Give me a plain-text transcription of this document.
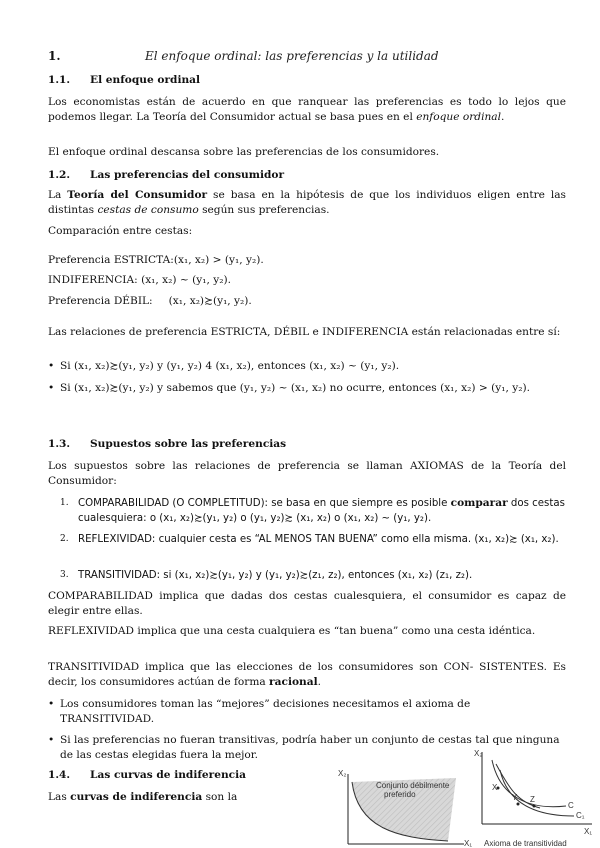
1.	El enfoque ordinal: las preferencias y la utilidad
1.1. El enfoque ordinal
Los economistas están de acuerdo en que ranquear las preferencias es todo lo lejos que podemos llegar. La Teoría del Consumidor actual se basa pues en el enfoque ordinal.
El enfoque ordinal descansa sobre las preferencias de los consumidores.
1.2. Las preferencias del consumidor
La Teoría del Consumidor se basa en la hipótesis de que los individuos eligen entre las distintas cestas de consumo según sus preferencias.
Comparación entre cestas:
Preferencia ESTRICTA:(x₁, x₂) > (y₁, y₂).
INDIFERENCIA: (x₁, x₂) ~ (y₁, y₂).
Preferencia DÉBIL: (x₁, x₂)≿(y₁, y₂).
Las relaciones de preferencia ESTRICTA, DÉBIL e INDIFERENCIA están relacionadas entre sí:
• Si (x₁, x₂)≿(y₁, y₂) y (y₁, y₂) 4 (x₁, x₂), entonces (x₁, x₂) ~ (y₁, y₂).
• Si (x₁, x₂)≿(y₁, y₂) y sabemos que (y₁, y₂) ~ (x₁, x₂) no ocurre, entonces (x₁, x₂) > (y₁, y₂).
1.3. Supuestos sobre las preferencias
Los supuestos sobre las relaciones de preferencia se llaman AXIOMAS de la Teoría del Consumidor:
1. COMPARABILIDAD (O COMPLETITUD): se basa en que siempre es posible comparar dos cestas cualesquiera: o (x₁, x₂)≿(y₁, y₂) o (y₁, y₂)≿ (x₁, x₂) o (x₁, x₂) ~ (y₁, y₂).
2. REFLEXIVIDAD: cualquier cesta es “AL MENOS TAN BUENA” como ella misma. (x₁, x₂)≿ (x₁, x₂).
3. TRANSITIVIDAD: si (x₁, x₂)≿(y₁, y₂) y (y₁, y₂)≿(z₁, z₂), entonces (x₁, x₂) (z₁, z₂).
COMPARABILIDAD implica que dadas dos cestas cualesquiera, el consumidor es capaz de elegir entre ellas.
REFLEXIVIDAD implica que una cesta cualquiera es “tan buena” como una cesta idéntica.
TRANSITIVIDAD implica que las elecciones de los consumidores son CON- SISTENTES. Es decir, los consumidores actúan de forma racional.
• Los consumidores toman las “mejores” decisiones necesitamos el axioma de TRANSITIVIDAD.
• Si las preferencias no fueran transitivas, podría haber un conjunto de cestas tal que ninguna de las cestas elegidas fuera la mejor.
1.4. Las curvas de indiferencia
Las curvas de indiferencia son la
X₂
X₁
Conjunto débilmente
preferido
X₂
X₁
X
Y Z
C
C₁
Axioma de transitividad
